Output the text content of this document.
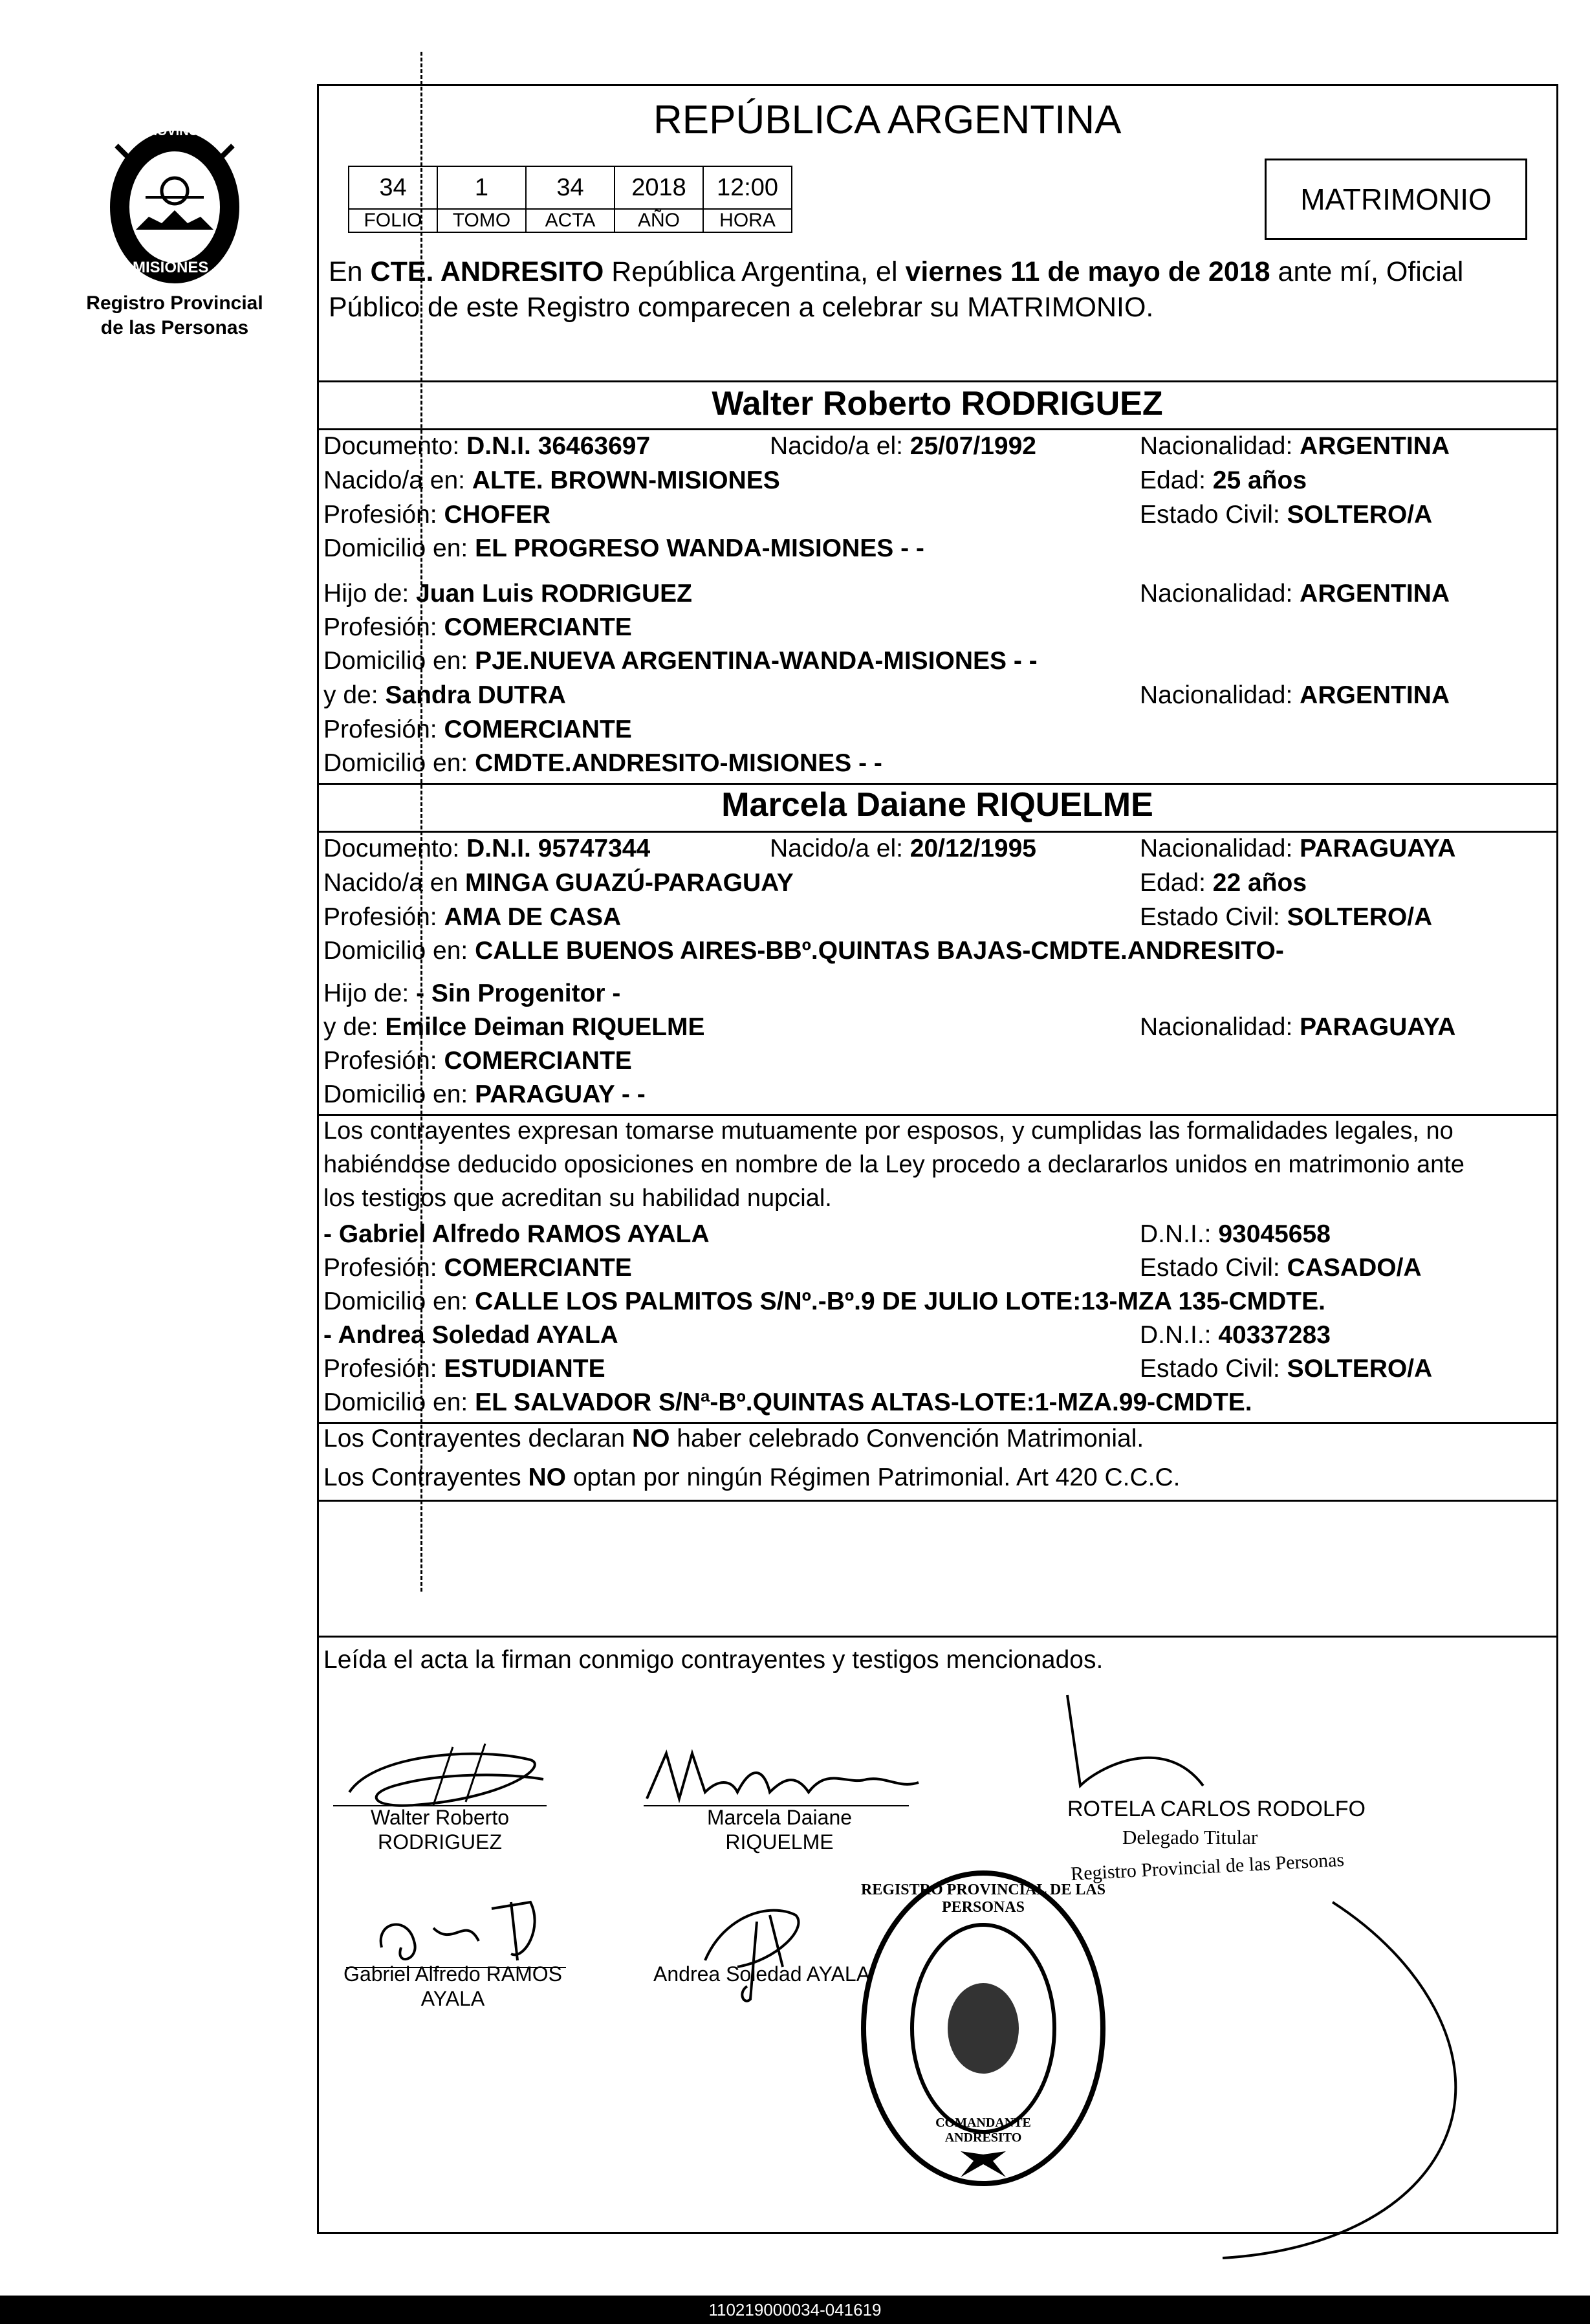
PROVINCIA DE
MISIONES
Registro Provincial
de las Personas
REPÚBLICA ARGENTINA
34	1	34	2018	12:00
FOLIO	TOMO	ACTA	AÑO	HORA
MATRIMONIO
En CTE. ANDRESITO República Argentina, el viernes 11 de mayo de 2018 ante mí, Oficial
Público de este Registro comparecen a celebrar su MATRIMONIO.
Walter Roberto RODRIGUEZ
Documento: D.N.I. 36463697	Nacido/a el: 25/07/1992	Nacionalidad: ARGENTINA
Nacido/a en: ALTE. BROWN-MISIONES	Edad: 25 años
Profesión: CHOFER	Estado Civil: SOLTERO/A
Domicilio en: EL PROGRESO WANDA-MISIONES - -
Hijo de: Juan Luis RODRIGUEZ	Nacionalidad: ARGENTINA
Profesión: COMERCIANTE
Domicilio en: PJE.NUEVA ARGENTINA-WANDA-MISIONES - -
y de: Sandra DUTRA	Nacionalidad: ARGENTINA
Profesión: COMERCIANTE
Domicilio en: CMDTE.ANDRESITO-MISIONES - -
Marcela Daiane RIQUELME
Documento: D.N.I. 95747344	Nacido/a el: 20/12/1995	Nacionalidad: PARAGUAYA
Nacido/a en MINGA GUAZÚ-PARAGUAY	Edad: 22 años
Profesión: AMA DE CASA	Estado Civil: SOLTERO/A
Domicilio en: CALLE BUENOS AIRES-BBº.QUINTAS BAJAS-CMDTE.ANDRESITO-
Hijo de: - Sin Progenitor -
y de: Emilce Deiman RIQUELME	Nacionalidad: PARAGUAYA
Profesión: COMERCIANTE
Domicilio en: PARAGUAY - -
Los contrayentes expresan tomarse mutuamente por esposos, y cumplidas las formalidades legales, no
habiéndose deducido oposiciones en nombre de la Ley procedo a declararlos unidos en matrimonio ante
los testigos que acreditan su habilidad nupcial.
- Gabriel Alfredo RAMOS AYALA	D.N.I.: 93045658
Profesión: COMERCIANTE	Estado Civil: CASADO/A
Domicilio en: CALLE LOS PALMITOS S/Nº.-Bº.9 DE JULIO LOTE:13-MZA 135-CMDTE.
- Andrea Soledad AYALA	D.N.I.: 40337283
Profesión: ESTUDIANTE	Estado Civil: SOLTERO/A
Domicilio en: EL SALVADOR S/Nª-Bº.QUINTAS ALTAS-LOTE:1-MZA.99-CMDTE.
Los Contrayentes declaran NO haber celebrado Convención Matrimonial.
Los Contrayentes NO optan por ningún Régimen Patrimonial. Art 420 C.C.C.
Leída el acta la firman conmigo contrayentes y testigos mencionados.
Walter Roberto
RODRIGUEZ
Marcela Daiane
RIQUELME
Gabriel Alfredo RAMOS
AYALA
Andrea Soledad AYALA
ROTELA CARLOS RODOLFO
Delegado Titular
Registro Provincial de las Personas
REGISTRO PROVINCIAL DE LAS PERSONAS
COMANDANTE ANDRESITO
110219000034-041619
